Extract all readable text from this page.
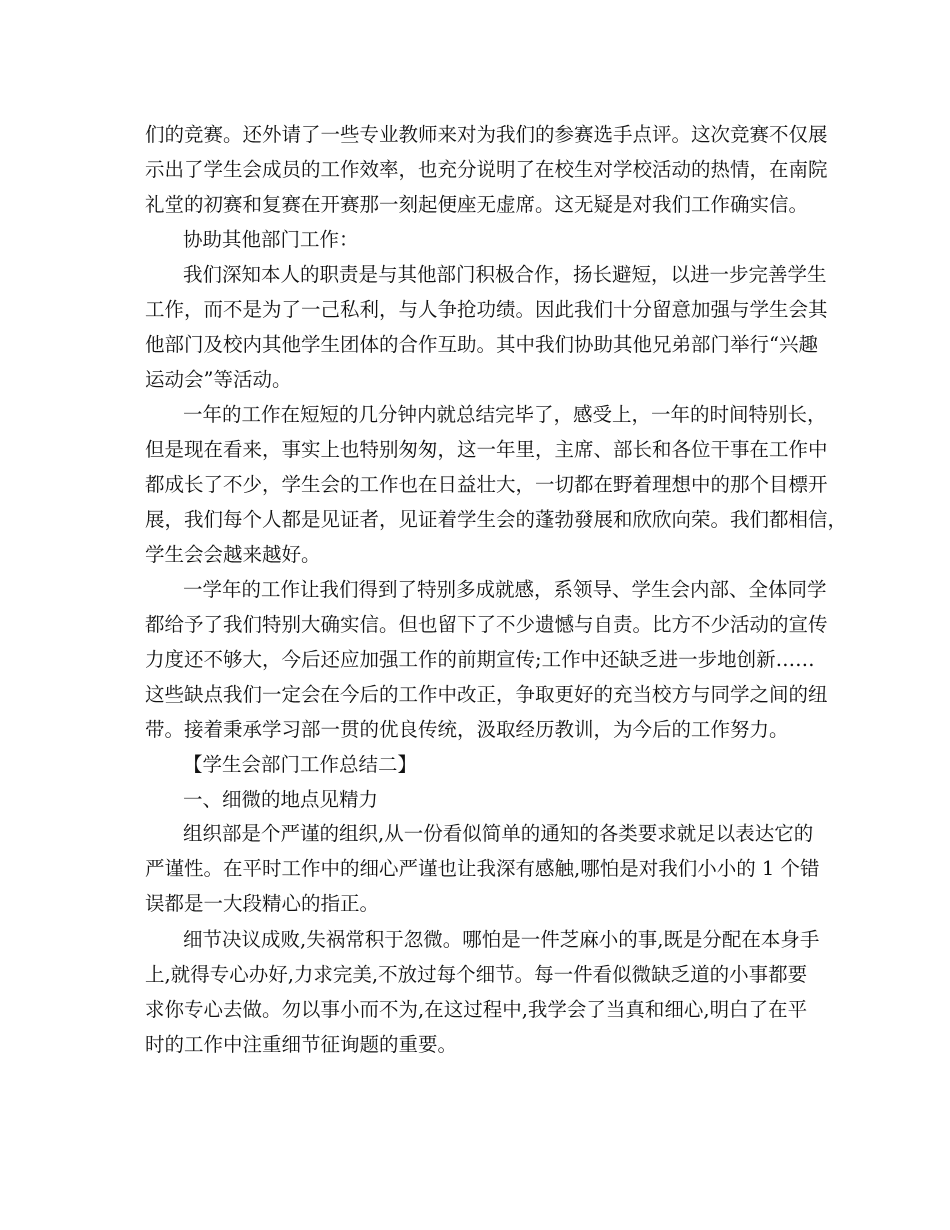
们的竞赛。还外请了一些专业教师来对为我们的参赛选手点评。这次竞赛不仅展
示出了学生会成员的工作效率，也充分说明了在校生对学校活动的热情，在南院
礼堂的初赛和复赛在开赛那一刻起便座无虚席。这无疑是对我们工作确实信。
协助其他部门工作：
我们深知本人的职责是与其他部门积极合作，扬长避短，以进一步完善学生
工作，而不是为了一己私利，与人争抢功绩。因此我们十分留意加强与学生会其
他部门及校内其他学生团体的合作互助。其中我们协助其他兄弟部门举行“兴趣
运动会”等活动。
一年的工作在短短的几分钟内就总结完毕了，感受上，一年的时间特别长，
但是现在看来，事实上也特别匆匆，这一年里，主席、部长和各位干事在工作中
都成长了不少，学生会的工作也在日益壮大，一切都在野着理想中的那个目標开
展，我们每个人都是见证者，见证着学生会的蓬勃發展和欣欣向荣。我们都相信，
学生会会越来越好。
一学年的工作让我们得到了特别多成就感，系领导、学生会内部、全体同学
都给予了我们特别大确实信。但也留下了不少遗憾与自责。比方不少活动的宣传
力度还不够大，今后还应加强工作的前期宣传;工作中还缺乏进一步地创新……
这些缺点我们一定会在今后的工作中改正，争取更好的充当校方与同学之间的纽
带。接着秉承学习部一贯的优良传统，汲取经历教训，为今后的工作努力。
【学生会部门工作总结二】
一、细微的地点见精力
组织部是个严谨的组织,从一份看似简单的通知的各类要求就足以表达它的
严谨性。在平时工作中的细心严谨也让我深有感触,哪怕是对我们小小的 1 个错
误都是一大段精心的指正。
细节决议成败,失祸常积于忽微。哪怕是一件芝麻小的事,既是分配在本身手
上,就得专心办好,力求完美,不放过每个细节。每一件看似微缺乏道的小事都要
求你专心去做。勿以事小而不为,在这过程中,我学会了当真和细心,明白了在平
时的工作中注重细节征询题的重要。
